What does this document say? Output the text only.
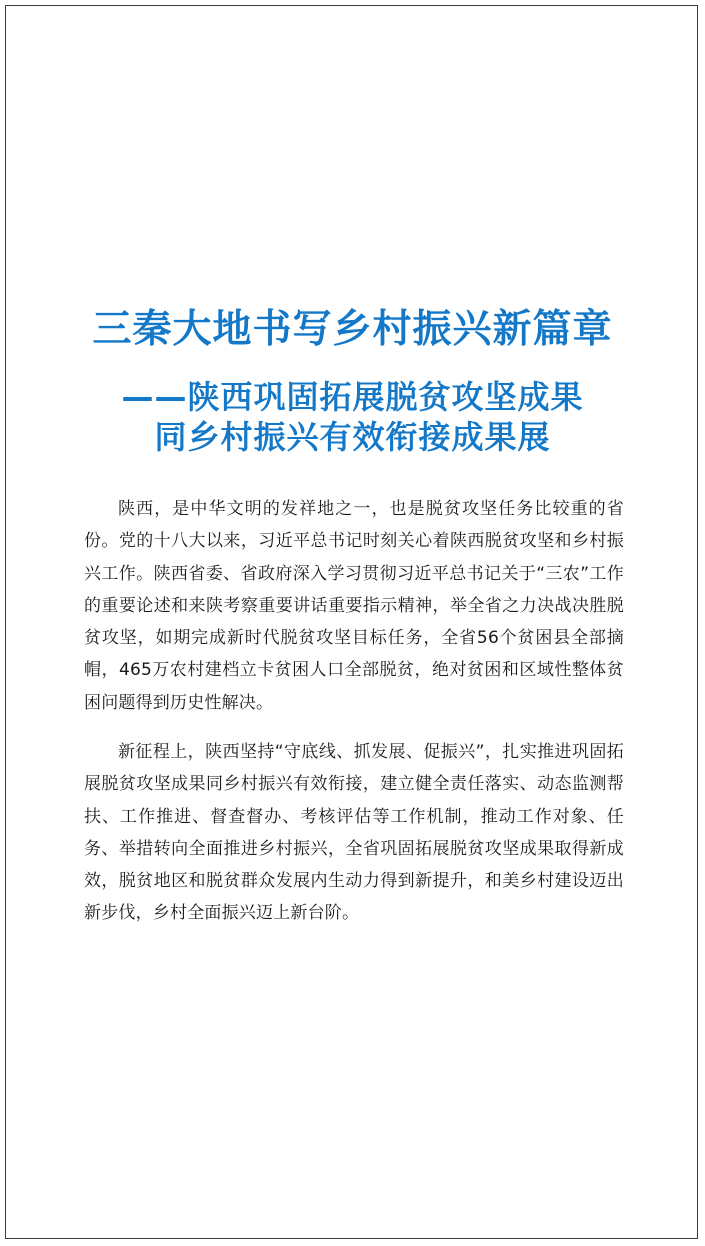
三秦大地书写乡村振兴新篇章
——陕西巩固拓展脱贫攻坚成果
同乡村振兴有效衔接成果展

陕西，是中华文明的发祥地之一，也是脱贫攻坚任务比较重的省份。党的十八大以来，习近平总书记时刻关心着陕西脱贫攻坚和乡村振兴工作。陕西省委、省政府深入学习贯彻习近平总书记关于“三农”工作的重要论述和来陕考察重要讲话重要指示精神，举全省之力决战决胜脱贫攻坚，如期完成新时代脱贫攻坚目标任务，全省56个贫困县全部摘帽，465万农村建档立卡贫困人口全部脱贫，绝对贫困和区域性整体贫困问题得到历史性解决。

新征程上，陕西坚持“守底线、抓发展、促振兴”，扎实推进巩固拓展脱贫攻坚成果同乡村振兴有效衔接，建立健全责任落实、动态监测帮扶、工作推进、督查督办、考核评估等工作机制，推动工作对象、任务、举措转向全面推进乡村振兴，全省巩固拓展脱贫攻坚成果取得新成效，脱贫地区和脱贫群众发展内生动力得到新提升，和美乡村建设迈出新步伐，乡村全面振兴迈上新台阶。
